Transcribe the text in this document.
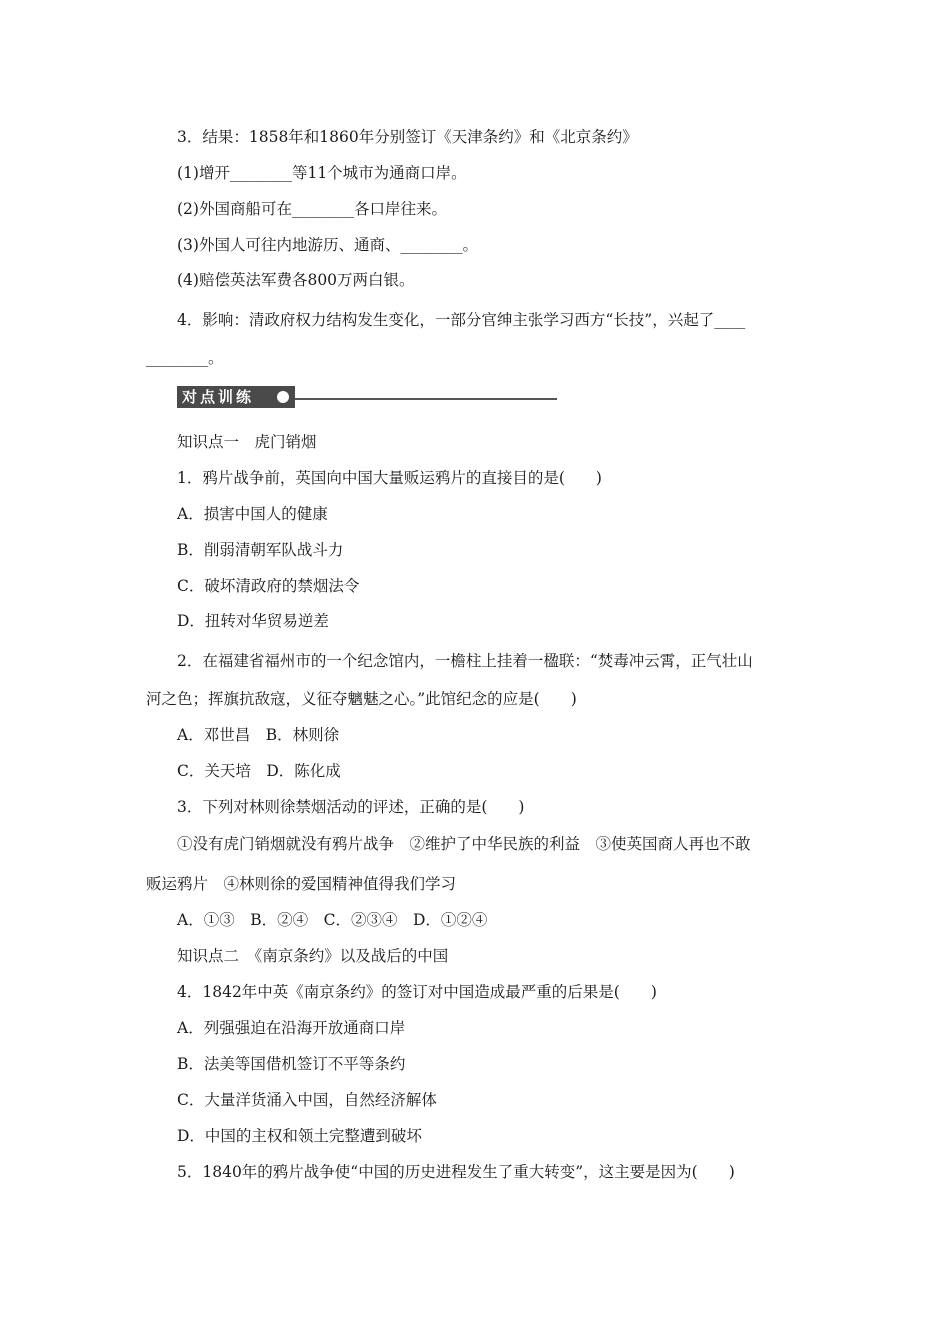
3．结果：1858年和1860年分别签订《天津条约》和《北京条约》

(1)增开________等11个城市为通商口岸。

(2)外国商船可在________各口岸往来。

(3)外国人可往内地游历、通商、________。

(4)赔偿英法军费各800万两白银。

4．影响：清政府权力结构发生变化，一部分官绅主张学习西方“长技”，兴起了____

________。

对点训练

知识点一　虎门销烟

1．鸦片战争前，英国向中国大量贩运鸦片的直接目的是(　　)

A．损害中国人的健康

B．削弱清朝军队战斗力

C．破坏清政府的禁烟法令

D．扭转对华贸易逆差

2．在福建省福州市的一个纪念馆内，一檐柱上挂着一楹联：“焚毒冲云霄，正气壮山

河之色；挥旗抗敌寇，义征夺魑魅之心。”此馆纪念的应是(　　)

A．邓世昌　B．林则徐

C．关天培　D．陈化成

3．下列对林则徐禁烟活动的评述，正确的是(　　)

①没有虎门销烟就没有鸦片战争　②维护了中华民族的利益　③使英国商人再也不敢

贩运鸦片　④林则徐的爱国精神值得我们学习

A．①③　B．②④　C．②③④　D．①②④

知识点二　《南京条约》以及战后的中国

4．1842年中英《南京条约》的签订对中国造成最严重的后果是(　　)

A．列强强迫在沿海开放通商口岸

B．法美等国借机签订不平等条约

C．大量洋货涌入中国，自然经济解体

D．中国的主权和领土完整遭到破坏

5．1840年的鸦片战争使“中国的历史进程发生了重大转变”，这主要是因为(　　)
